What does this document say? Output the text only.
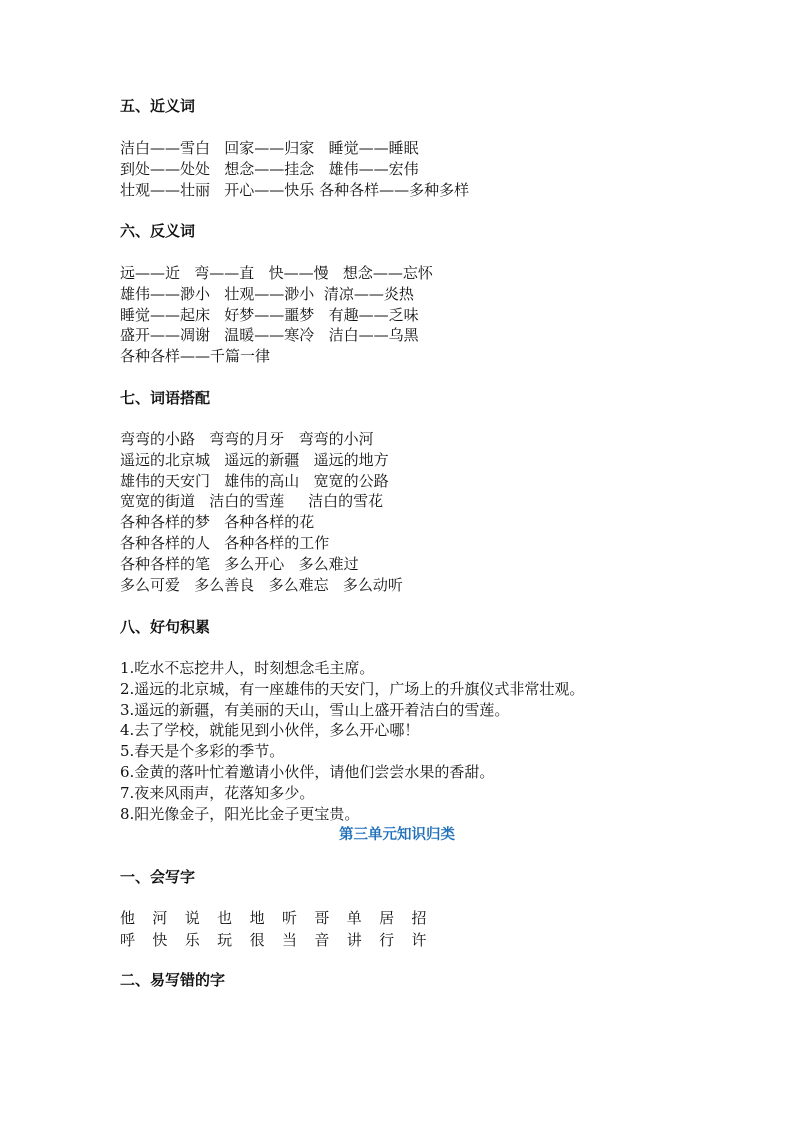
五、近义词
洁白——雪白   回家——归家   睡觉——睡眠
到处——处处   想念——挂念   雄伟——宏伟
壮观——壮丽   开心——快乐 各种各样——多种多样
六、反义词
远——近   弯——直   快——慢   想念——忘怀
雄伟——渺小   壮观——渺小  清凉——炎热
睡觉——起床   好梦——噩梦   有趣——乏味
盛开——凋谢   温暖——寒冷   洁白——乌黑
各种各样——千篇一律
七、词语搭配
弯弯的小路   弯弯的月牙   弯弯的小河
遥远的北京城   遥远的新疆   遥远的地方
雄伟的天安门   雄伟的高山   宽宽的公路
宽宽的街道   洁白的雪莲     洁白的雪花
各种各样的梦   各种各样的花
各种各样的人   各种各样的工作
各种各样的笔   多么开心   多么难过
多么可爱   多么善良   多么难忘   多么动听
八、好句积累
1.吃水不忘挖井人，时刻想念毛主席。
2.遥远的北京城，有一座雄伟的天安门，广场上的升旗仪式非常壮观。
3.遥远的新疆，有美丽的天山，雪山上盛开着洁白的雪莲。
4.去了学校，就能见到小伙伴，多么开心哪！
5.春天是个多彩的季节。
6.金黄的落叶忙着邀请小伙伴，请他们尝尝水果的香甜。
7.夜来风雨声，花落知多少。
8.阳光像金子，阳光比金子更宝贵。
第三单元知识归类
一、会写字
他	河	说	也	地	听	哥	单	居	招
呼	快	乐	玩	很	当	音	讲	行	许
二、易写错的字
